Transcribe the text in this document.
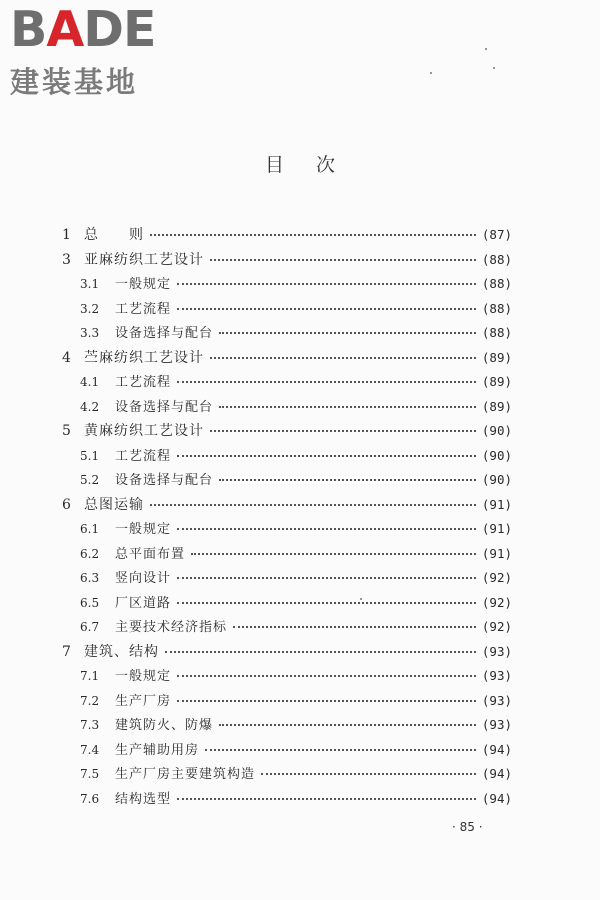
BADE
建装基地
目次
1 总　　则	(87)
3 亚麻纺织工艺设计	(88)
3.1	一般规定	(88)
3.2	工艺流程	(88)
3.3	设备选择与配台	(88)
4 苎麻纺织工艺设计	(89)
4.1	工艺流程	(89)
4.2	设备选择与配台	(89)
5 黄麻纺织工艺设计	(90)
5.1	工艺流程	(90)
5.2	设备选择与配台	(90)
6 总图运输	(91)
6.1	一般规定	(91)
6.2	总平面布置	(91)
6.3	竖向设计	(92)
6.5	厂区道路	(92)
6.7	主要技术经济指标	(92)
7 建筑、结构	(93)
7.1	一般规定	(93)
7.2	生产厂房	(93)
7.3	建筑防火、防爆	(93)
7.4	生产辅助用房	(94)
7.5	生产厂房主要建筑构造	(94)
7.6	结构选型	(94)
· 85 ·
